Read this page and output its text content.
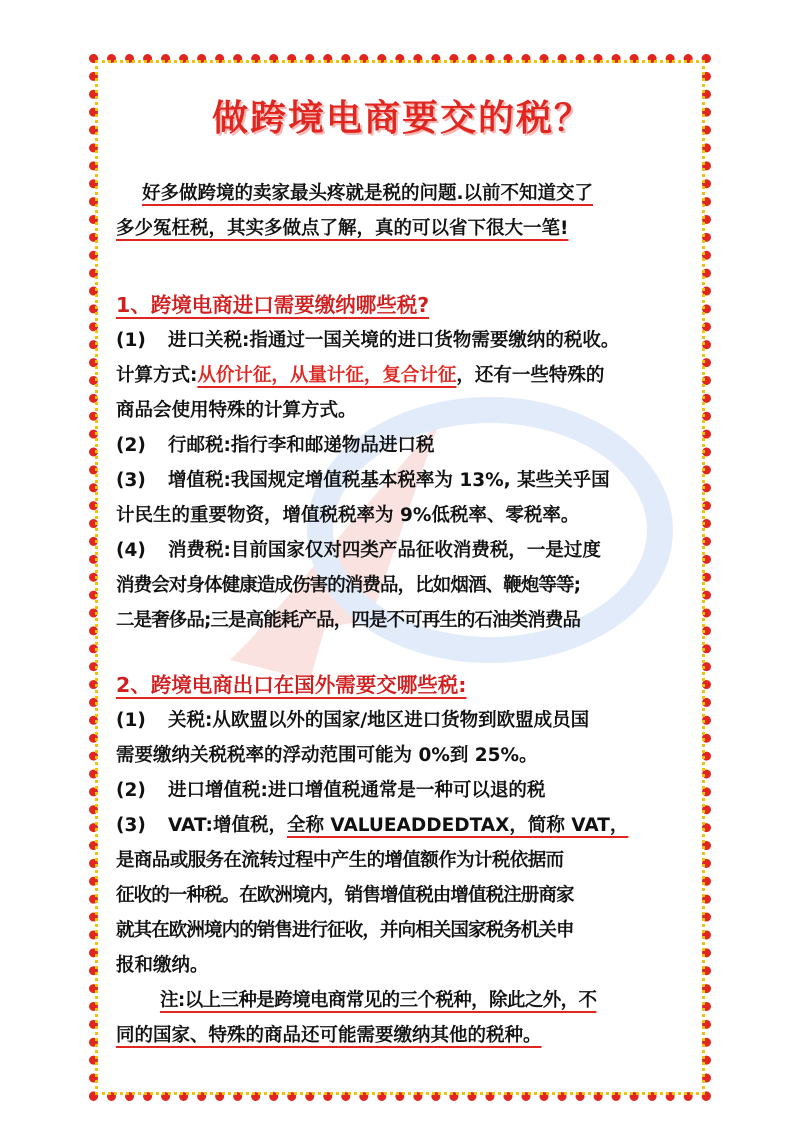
做跨境电商要交的税？
好多做跨境的卖家最头疼就是税的问题.以前不知道交了
多少冤枉税，其实多做点了解，真的可以省下很大一笔!
1、跨境电商进口需要缴纳哪些税?
(1) 进口关税:指通过一国关境的进口货物需要缴纳的税收。
计算方式:从价计征，从量计征，复合计征，还有一些特殊的
商品会使用特殊的计算方式。
(2) 行邮税:指行李和邮递物品进口税
(3) 增值税:我国规定增值税基本税率为 13%, 某些关乎国
计民生的重要物资，增值税税率为 9%低税率、零税率。
(4) 消费税:目前国家仅对四类产品征收消费税，一是过度
消费会对身体健康造成伤害的消费品，比如烟酒、鞭炮等等;
二是奢侈品;三是高能耗产品，四是不可再生的石油类消费品
2、跨境电商出口在国外需要交哪些税:
(1) 关税:从欧盟以外的国家/地区进口货物到欧盟成员国
需要缴纳关税税率的浮动范围可能为 0%到 25%。
(2) 进口增值税:进口增值税通常是一种可以退的税
(3) VAT:增值税，全称 VALUEADDEDTAX，简称 VAT，
是商品或服务在流转过程中产生的增值额作为计税依据而
征收的一种税。在欧洲境内，销售增值税由增值税注册商家
就其在欧洲境内的销售进行征收，并向相关国家税务机关申
报和缴纳。
注:以上三种是跨境电商常见的三个税种，除此之外，不
同的国家、特殊的商品还可能需要缴纳其他的税种。
